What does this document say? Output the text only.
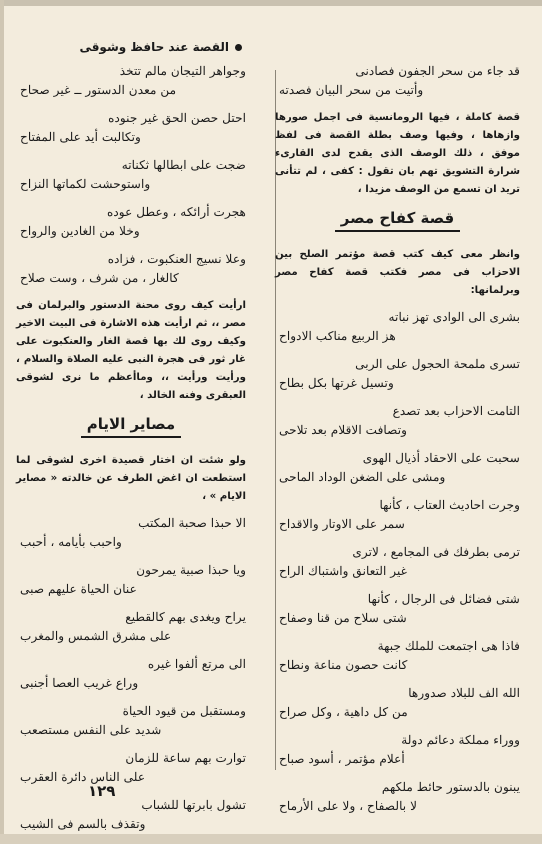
القصة عند حافظ وشوقى
قد جاء من سحر الجفون فصادنى
وأتيت من سحر البيان فصدته

قصة كاملة ، فيها الرومانسية فى اجمل صورها وازهاها ، وفيها وصف بطلة القصة فى لفظ موفق ، ذلك الوصف الذى يقدح لدى القارىء شرارة التشويق تهم بان تقول : كفى ، لم تتأنى تريد ان تسمع من الوصف مزيدا ،

قصة كفاح مصر

وانظر معى كيف كتب قصة مؤتمر الصلح بين الاحزاب فى مصر فكتب قصة كفاح مصر وبرلمانها:

بشرى الى الوادى تهز نباته
هز الربيع مناكب الادواح
تسرى ملمحة الحجول على الربى
وتسيل غرتها بكل بطاح
التامت الاحزاب بعد تصدع
وتصافت الاقلام بعد تلاحى
سحبت على الاحقاد أذيال الهوى
ومشى على الضغن الوداد الماحى
وجرت احاديث العتاب ، كأنها
سمر على الاوتار والاقداح
ترمى بطرفك فى المجامع ، لاترى
غير التعانق واشتباك الراح
شتى فضائل فى الرجال ، كأنها
شتى سلاح من قنا وصفاح
فاذا هى اجتمعت للملك جبهة
كانت حصون مناعة ونطاح
الله الف للبلاد صدورها
من كل داهية ، وكل صراح
ووراء مملكة دعائم دولة
أعلام مؤتمر ، أسود صباح
يبنون بالدستور حائط ملكهم
لا بالصفاح ، ولا على الأرماح
وجواهر التيجان مالم تتخذ
من معدن الدستور ــ غير صحاح
احتل حصن الحق غير جنوده
وتكالبت أيد على المفتاح
ضجت على ابطالها ثكناته
واستوحشت لكماتها النزاح
هجرت أرائكه ، وعطل عوده
وخلا من الغادين والرواح
وعلا نسيج العنكبوت ، فزاده
كالغار ، من شرف ، وست صلاح

ارأيت كيف روى محنة الدستور والبرلمان فى مصر ،، ثم ارأيت هذه الاشارة فى البيت الاخير وكيف روى لك بها قصة الغار والعنكبوت على غار ثور فى هجرة النبى عليه الصلاة والسلام ، ورأيت ورأيت ،، وماأعظم ما نرى لشوقى العبقرى وفنه الخالد ،

مصاير الايام

ولو شئت ان اختار قصيدة اخرى لشوقى لما استطعت ان اغض الطرف عن خالدته « مصاير الايام » ،

الا حبذا صحبة المكتب
واحبب بأيامه ، أحبب
ويا حبذا صبية يمرحون
عنان الحياة عليهم صبى
يراح ويغدى بهم كالقطيع
على مشرق الشمس والمغرب
الى مرتع ألفوا غيره
وراع غريب العصا أجنبى
ومستقبل من قيود الحياة
شديد على النفس مستصعب
توارت بهم ساعة للزمان
على الناس دائرة العقرب
تشول بابرتها للشباب
وتقذف بالسم فى الشيب
١٢٩
